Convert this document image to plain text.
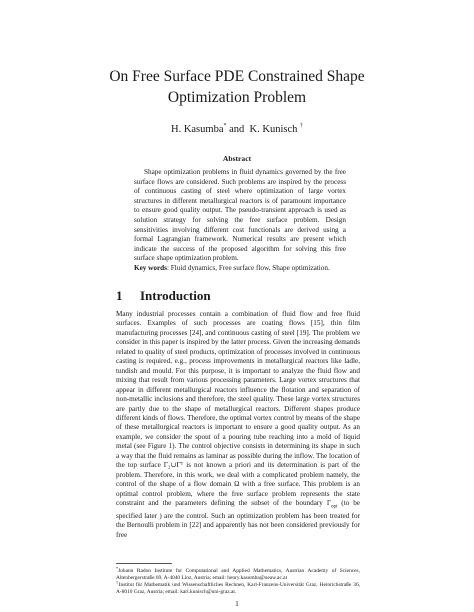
On Free Surface PDE Constrained Shape
Optimization Problem
H. Kasumba* and K. Kunisch †
Abstract
Shape optimization problems in fluid dynamics governed by the free surface flows are considered. Such problems are inspired by the process of continuous casting of steel where optimization of large vortex structures in different metallurgical reactors is of paramount importance to ensure good quality output. The pseudo-transient approach is used as solution strategy for solving the free surface problem. Design sensitivities involving different cost functionals are derived using a formal Lagrangian framework. Numerical results are present which indicate the success of the proposed algorithm for solving this free surface shape optimization problem.
Key words: Fluid dynamics, Free surface flow, Shape optimization.
1 Introduction
Many industrial processes contain a combination of fluid flow and free fluid surfaces. Examples of such processes are coating flows [15], thin film manufacturing processes [24], and continuous casting of steel [19]. The problem we consider in this paper is inspired by the latter process. Given the increasing demands related to quality of steel products, optimization of processes involved in continuous casting is required, e.g., process improvements in metallurgical reactors like ladle, tundish and mould. For this purpose, it is important to analyze the fluid flow and mixing that result from various processing parameters. Large vortex structures that appear in different metallurgical reactors influence the flotation and separation of non-metallic inclusions and therefore, the steel quality. These large vortex structures are partly due to the shape of metallurgical reactors. Different shapes produce different kinds of flows. Therefore, the optimal vortex control by means of the shape of these metallurgical reactors is important to ensure a good quality output. As an example, we consider the spout of a pouring tube reaching into a mold of liquid metal (see Figure 1). The control objective consists in determining its shape in such a way that the fluid remains as laminar as possible during the inflow. The location of the top surface Γ₂∪Γᵀ is not known a priori and its determination is part of the problem. Therefore, in this work, we deal with a complicated problem namely, the control of the shape of a flow domain Ω with a free surface. This problem is an optimal control problem, where the free surface problem represents the state constraint and the parameters defining the subset of the boundary $\Gamma_{opt}$ (to be specified later ) are the control. Such an optimization problem has been treated for the Bernoulli problem in [22] and apparently has not been considered previously for free
*Johann Radon Institute for Computational and Applied Mathematics, Austrian Academy of Sciences, Altenbergerstraße 69, A-4040 Linz, Austria; email: henry.kasumba@oeaw.ac.at
†Institut für Mathematik und Wissenschaftliches Rechnen, Karl-Franzens-Universität Graz, Heinrichstraße 36, A-8010 Graz, Austria; email: karl.kunisch@uni-graz.at.
1
